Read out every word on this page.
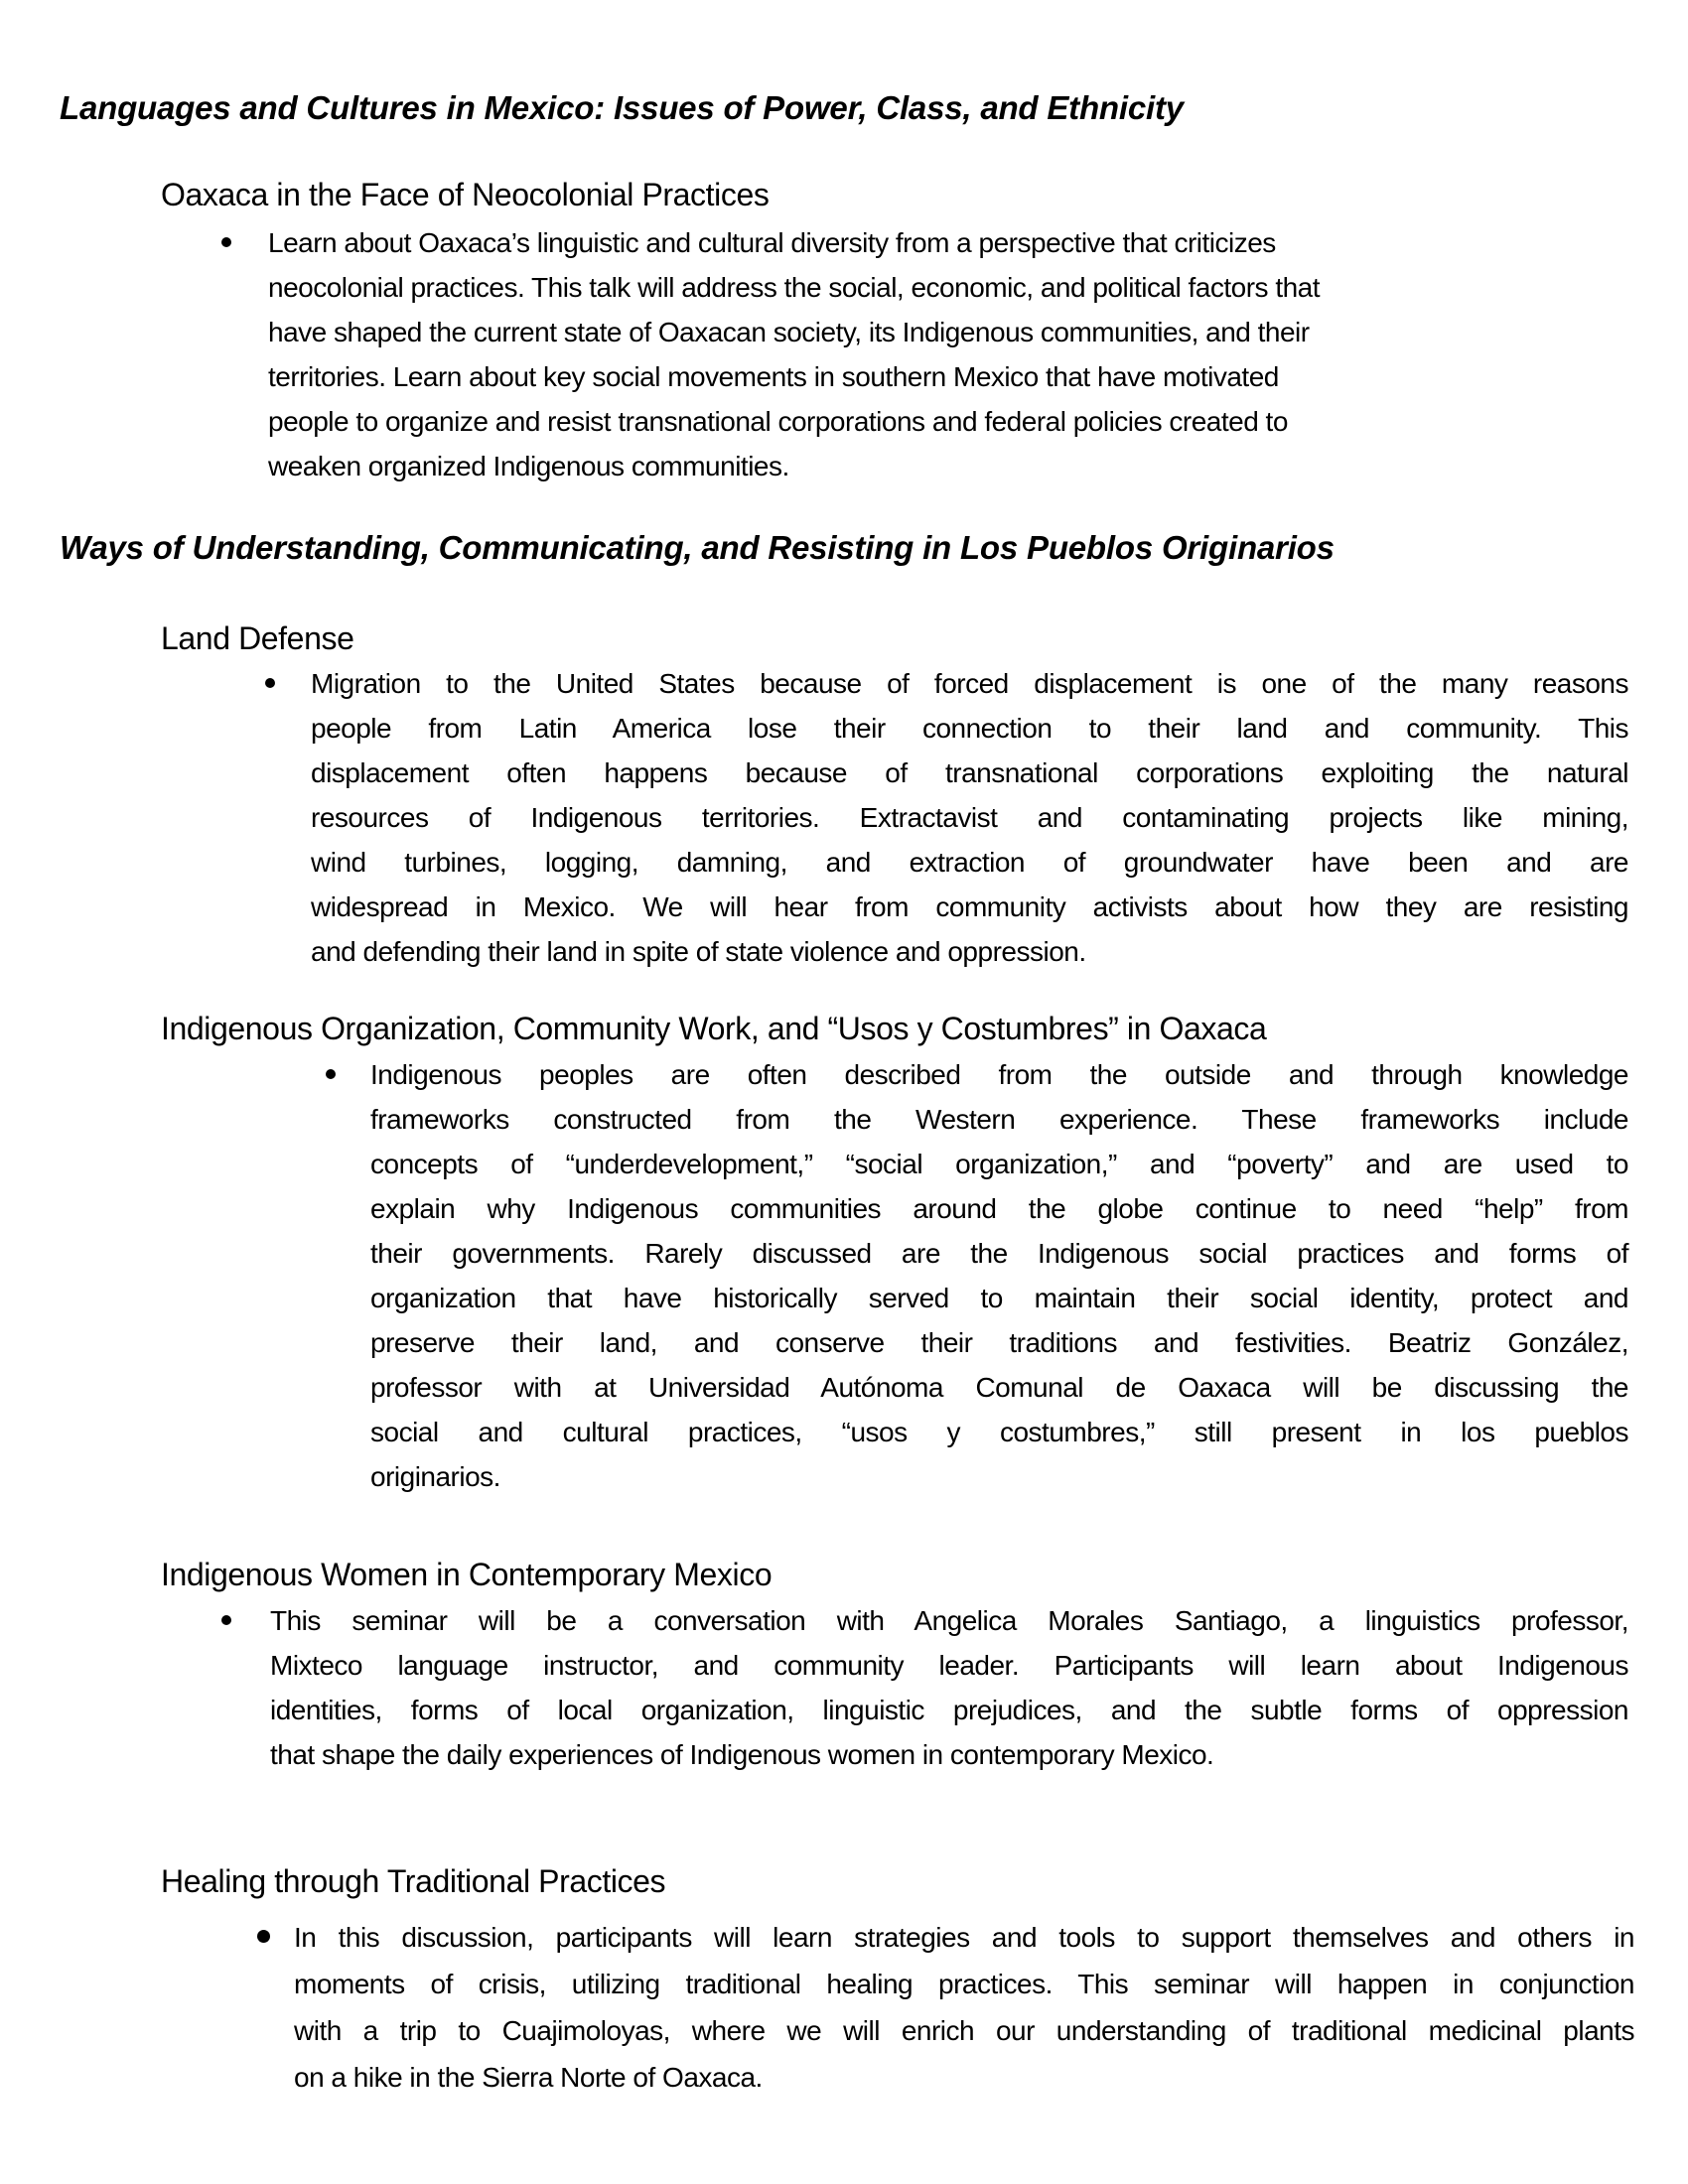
Languages and Cultures in Mexico: Issues of Power, Class, and Ethnicity
Oaxaca in the Face of Neocolonial Practices
Learn about Oaxaca’s linguistic and cultural diversity from a perspective that criticizes
neocolonial practices. This talk will address the social, economic, and political factors that
have shaped the current state of Oaxacan society, its Indigenous communities, and their
territories. Learn about key social movements in southern Mexico that have motivated
people to organize and resist transnational corporations and federal policies created to
weaken organized Indigenous communities.
Ways of Understanding, Communicating, and Resisting in Los Pueblos Originarios
Land Defense
Migration to the United States because of forced displacement is one of the many reasons
people from Latin America lose their connection to their land and community. This
displacement often happens because of transnational corporations exploiting the natural
resources of Indigenous territories. Extractavist and contaminating projects like mining,
wind turbines, logging, damning, and extraction of groundwater have been and are
widespread in Mexico. We will hear from community activists about how they are resisting
and defending their land in spite of state violence and oppression.
Indigenous Organization, Community Work, and “Usos y Costumbres” in Oaxaca
Indigenous peoples are often described from the outside and through knowledge
frameworks constructed from the Western experience. These frameworks include
concepts of “underdevelopment,” “social organization,” and “poverty” and are used to
explain why Indigenous communities around the globe continue to need “help” from
their governments. Rarely discussed are the Indigenous social practices and forms of
organization that have historically served to maintain their social identity, protect and
preserve their land, and conserve their traditions and festivities. Beatriz González,
professor with at Universidad Autónoma Comunal de Oaxaca will be discussing the
social and cultural practices, “usos y costumbres,” still present in los pueblos
originarios.
Indigenous Women in Contemporary Mexico
This seminar will be a conversation with Angelica Morales Santiago, a linguistics professor,
Mixteco language instructor, and community leader. Participants will learn about Indigenous
identities, forms of local organization, linguistic prejudices, and the subtle forms of oppression
that shape the daily experiences of Indigenous women in contemporary Mexico.
Healing through Traditional Practices
In this discussion, participants will learn strategies and tools to support themselves and others in
moments of crisis, utilizing traditional healing practices. This seminar will happen in conjunction
with a trip to Cuajimoloyas, where we will enrich our understanding of traditional medicinal plants
on a hike in the Sierra Norte of Oaxaca.
